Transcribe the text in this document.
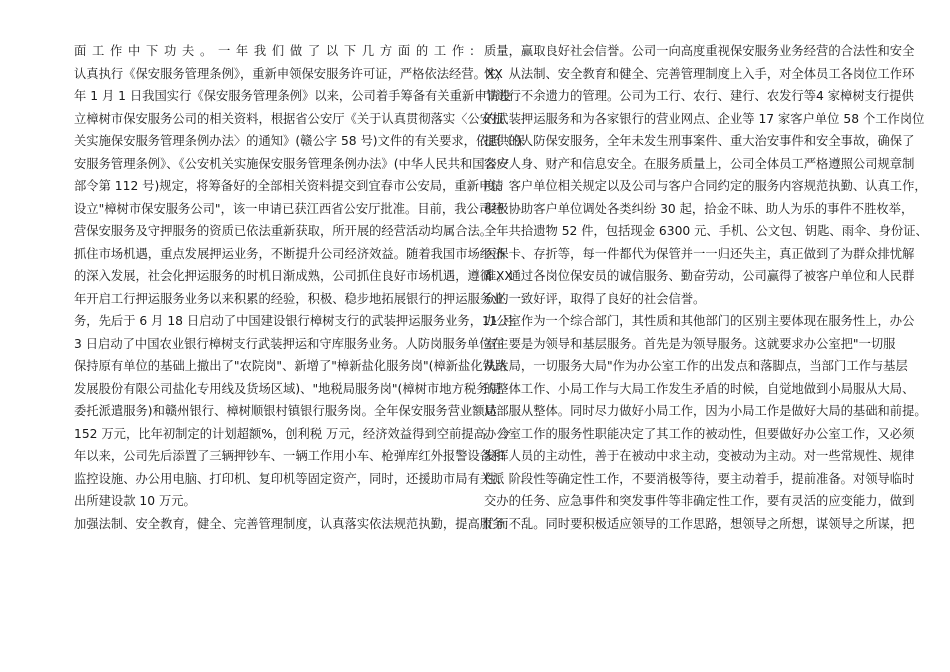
面工作中下功夫。一年我们做了以下几方面的工作:
认真执行《保安服务管理条例》，重新申领保安服务许可证，严格依法经营。XX
年 1 月 1 日我国实行《保安服务管理条例》以来，公司着手筹备有关重新申请设
立樟树市保安服务公司的相关资料，根据省公安厅《关于认真贯彻落实〈公安机
关实施保安服务管理条例办法〉的通知》(赣公字 58 号)文件的有关要求，依照《保
安服务管理条例》、《公安机关实施保安服务管理条例办法》(中华人民共和国公安
部令第 112 号)规定，将筹备好的全部相关资料提交到宜春市公安局，重新申请
设立"樟树市保安服务公司"，该一申请已获江西省公安厅批准。目前，我公司经
营保安服务及守押服务的资质已依法重新获取，所开展的经营活动均属合法。
抓住市场机遇，重点发展押运业务，不断提升公司经济效益。随着我国市场经济
的深入发展，社会化押运服务的时机日渐成熟，公司抓住良好市场机遇，遵循 XX
年开启工行押运服务业务以来积累的经验，积极、稳步地拓展银行的押运服务业
务，先后于 6 月 18 日启动了中国建设银行樟树支行的武装押运服务业务，11 月
3 日启动了中国农业银行樟树支行武装押运和守库服务业务。人防岗服务单位在
保持原有单位的基础上撤出了"农院岗"、新增了"樟新盐化服务岗"(樟新盐化铁路
发展股份有限公司盐化专用线及货场区域)、"地税局服务岗"(樟树市地方税务局
委托派遣服务)和赣州银行、樟树顺银村镇银行服务岗。全年保安服务营业额达
152 万元，比年初制定的计划超额%，创利税 万元，经济效益得到空前提高。今
年以来，公司先后添置了三辆押钞车、一辆工作用小车、枪弹库红外报警设备和
监控设施、办公用电脑、打印机、复印机等固定资产，同时，还援助市局有关派
出所建设款 10 万元。
加强法制、安全教育，健全、完善管理制度，认真落实依法规范执勤，提高服务
质量，赢取良好社会信誉。公司一向高度重视保安服务业务经营的合法性和安全
性，从法制、安全教育和健全、完善管理制度上入手，对全体员工各岗位工作环
节进行不余遗力的管理。公司为工行、农行、建行、农发行等4 家樟树支行提供
的武装押运服务和为各家银行的营业网点、企业等 17 家客户单位 58 个工作岗位
提供的人防保安服务，全年未发生刑事案件、重大治安事件和安全事故，确保了
客户人身、财产和信息安全。在服务质量上，公司全体员工严格遵照公司规章制
度、客户单位相关规定以及公司与客户合同约定的服务内容规范执勤、认真工作，
积极协助客户单位调处各类纠纷 30 起，拾金不昧、助人为乐的事件不胜枚举，
全年共拾遗物 52 件，包括现金 6300 元、手机、公文包、钥匙、雨伞、身份证、
医保卡、存折等，每一件都代为保管并一一归还失主，真正做到了为群众排忧解
难。通过各岗位保安员的诚信服务、勤奋劳动，公司赢得了被客户单位和人民群
众的一致好评，取得了良好的社会信誉。
办公室作为一个综合部门，其性质和其他部门的区别主要体现在服务性上，办公
室主要是为领导和基层服务。首先是为领导服务。这就要求办公室把"一切服
从大局，一切服务大局"作为办公室工作的出发点和落脚点，当部门工作与基层
的整体工作、小局工作与大局工作发生矛盾的时候，自觉地做到小局服从大局、
局部服从整体。同时尽力做好小局工作，因为小局工作是做好大局的基础和前提。
办公室工作的服务性职能决定了其工作的被动性，但要做好办公室工作，又必须
发挥人员的主动性，善于在被动中求主动，变被动为主动。对一些常规性、规律
性、阶段性等确定性工作，不要消极等待，要主动着手，提前准备。对领导临时
交办的任务、应急事件和突发事件等非确定性工作，要有灵活的应变能力，做到
忙而不乱。同时要积极适应领导的工作思路，想领导之所想，谋领导之所谋，把
